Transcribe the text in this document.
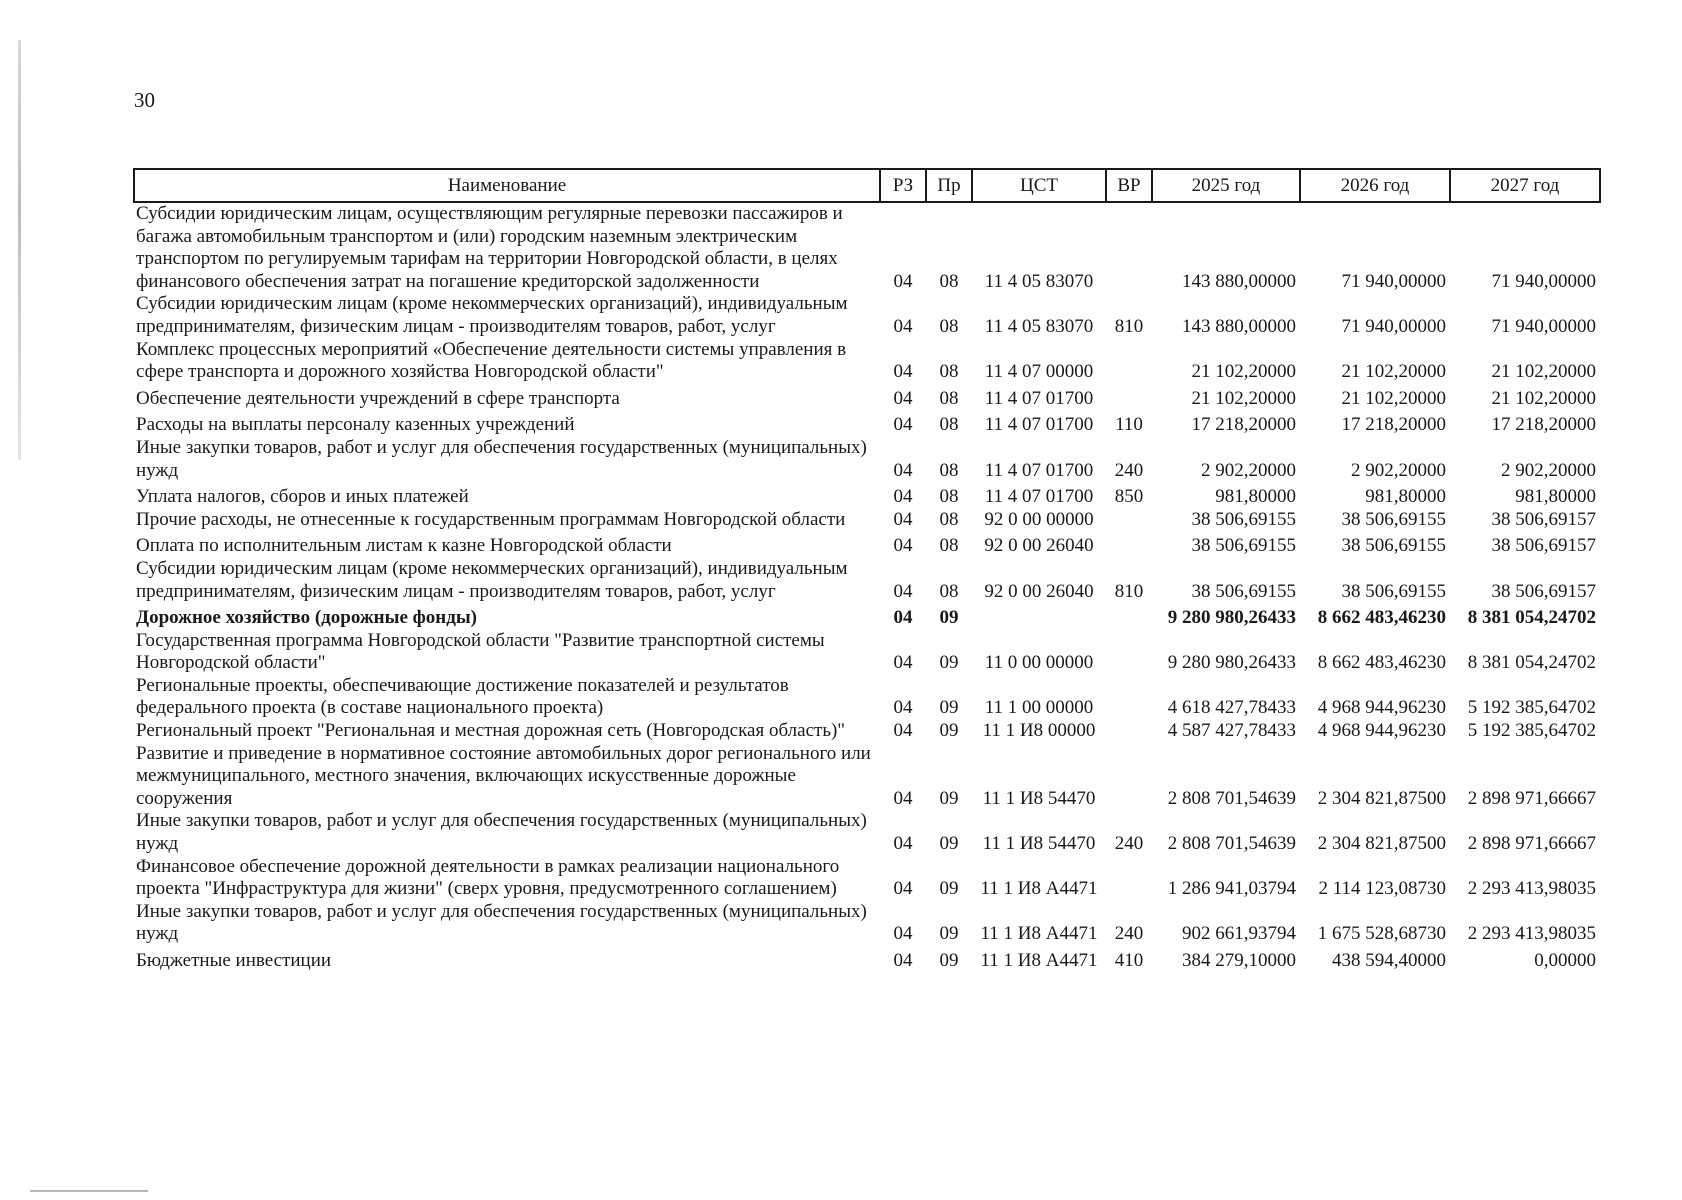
30
Наименование	РЗ	Пр	ЦСТ	ВР	2025 год	2026 год	2027 год
Субсидии юридическим лицам, осуществляющим регулярные перевозки пассажиров и багажа автомобильным транспортом и (или) городским наземным электрическим транспортом по регулируемым тарифам на территории Новгородской области, в целях финансового обеспечения затрат на погашение кредиторской задолженности	04	08	11 4 05 83070		143 880,00000	71 940,00000	71 940,00000
Субсидии юридическим лицам (кроме некоммерческих организаций), индивидуальным предпринимателям, физическим лицам - производителям товаров, работ, услуг	04	08	11 4 05 83070	810	143 880,00000	71 940,00000	71 940,00000
Комплекс процессных мероприятий «Обеспечение деятельности системы управления в сфере транспорта и дорожного хозяйства Новгородской области"	04	08	11 4 07 00000		21 102,20000	21 102,20000	21 102,20000
Обеспечение деятельности учреждений в сфере транспорта	04	08	11 4 07 01700		21 102,20000	21 102,20000	21 102,20000
Расходы на выплаты персоналу казенных учреждений	04	08	11 4 07 01700	110	17 218,20000	17 218,20000	17 218,20000
Иные закупки товаров, работ и услуг для обеспечения государственных (муниципальных) нужд	04	08	11 4 07 01700	240	2 902,20000	2 902,20000	2 902,20000
Уплата налогов, сборов и иных платежей	04	08	11 4 07 01700	850	981,80000	981,80000	981,80000
Прочие расходы, не отнесенные к государственным программам Новгородской области	04	08	92 0 00 00000		38 506,69155	38 506,69155	38 506,69157
Оплата по исполнительным листам к казне Новгородской области	04	08	92 0 00 26040		38 506,69155	38 506,69155	38 506,69157
Субсидии юридическим лицам (кроме некоммерческих организаций), индивидуальным предпринимателям, физическим лицам - производителям товаров, работ, услуг	04	08	92 0 00 26040	810	38 506,69155	38 506,69155	38 506,69157
Дорожное хозяйство (дорожные фонды)	04	09			9 280 980,26433	8 662 483,46230	8 381 054,24702
Государственная программа Новгородской области "Развитие транспортной системы Новгородской области"	04	09	11 0 00 00000		9 280 980,26433	8 662 483,46230	8 381 054,24702
Региональные проекты, обеспечивающие достижение показателей и результатов федерального проекта (в составе национального проекта)	04	09	11 1 00 00000		4 618 427,78433	4 968 944,96230	5 192 385,64702
Региональный проект "Региональная и местная дорожная сеть (Новгородская область)"	04	09	11 1 И8 00000		4 587 427,78433	4 968 944,96230	5 192 385,64702
Развитие и приведение в нормативное состояние автомобильных дорог регионального или межмуниципального, местного значения, включающих искусственные дорожные сооружения	04	09	11 1 И8 54470		2 808 701,54639	2 304 821,87500	2 898 971,66667
Иные закупки товаров, работ и услуг для обеспечения государственных (муниципальных) нужд	04	09	11 1 И8 54470	240	2 808 701,54639	2 304 821,87500	2 898 971,66667
Финансовое обеспечение дорожной деятельности в рамках реализации национального проекта "Инфраструктура для жизни" (сверх уровня, предусмотренного соглашением)	04	09	11 1 И8 А4471		1 286 941,03794	2 114 123,08730	2 293 413,98035
Иные закупки товаров, работ и услуг для обеспечения государственных (муниципальных) нужд	04	09	11 1 И8 А4471	240	902 661,93794	1 675 528,68730	2 293 413,98035
Бюджетные инвестиции	04	09	11 1 И8 А4471	410	384 279,10000	438 594,40000	0,00000
